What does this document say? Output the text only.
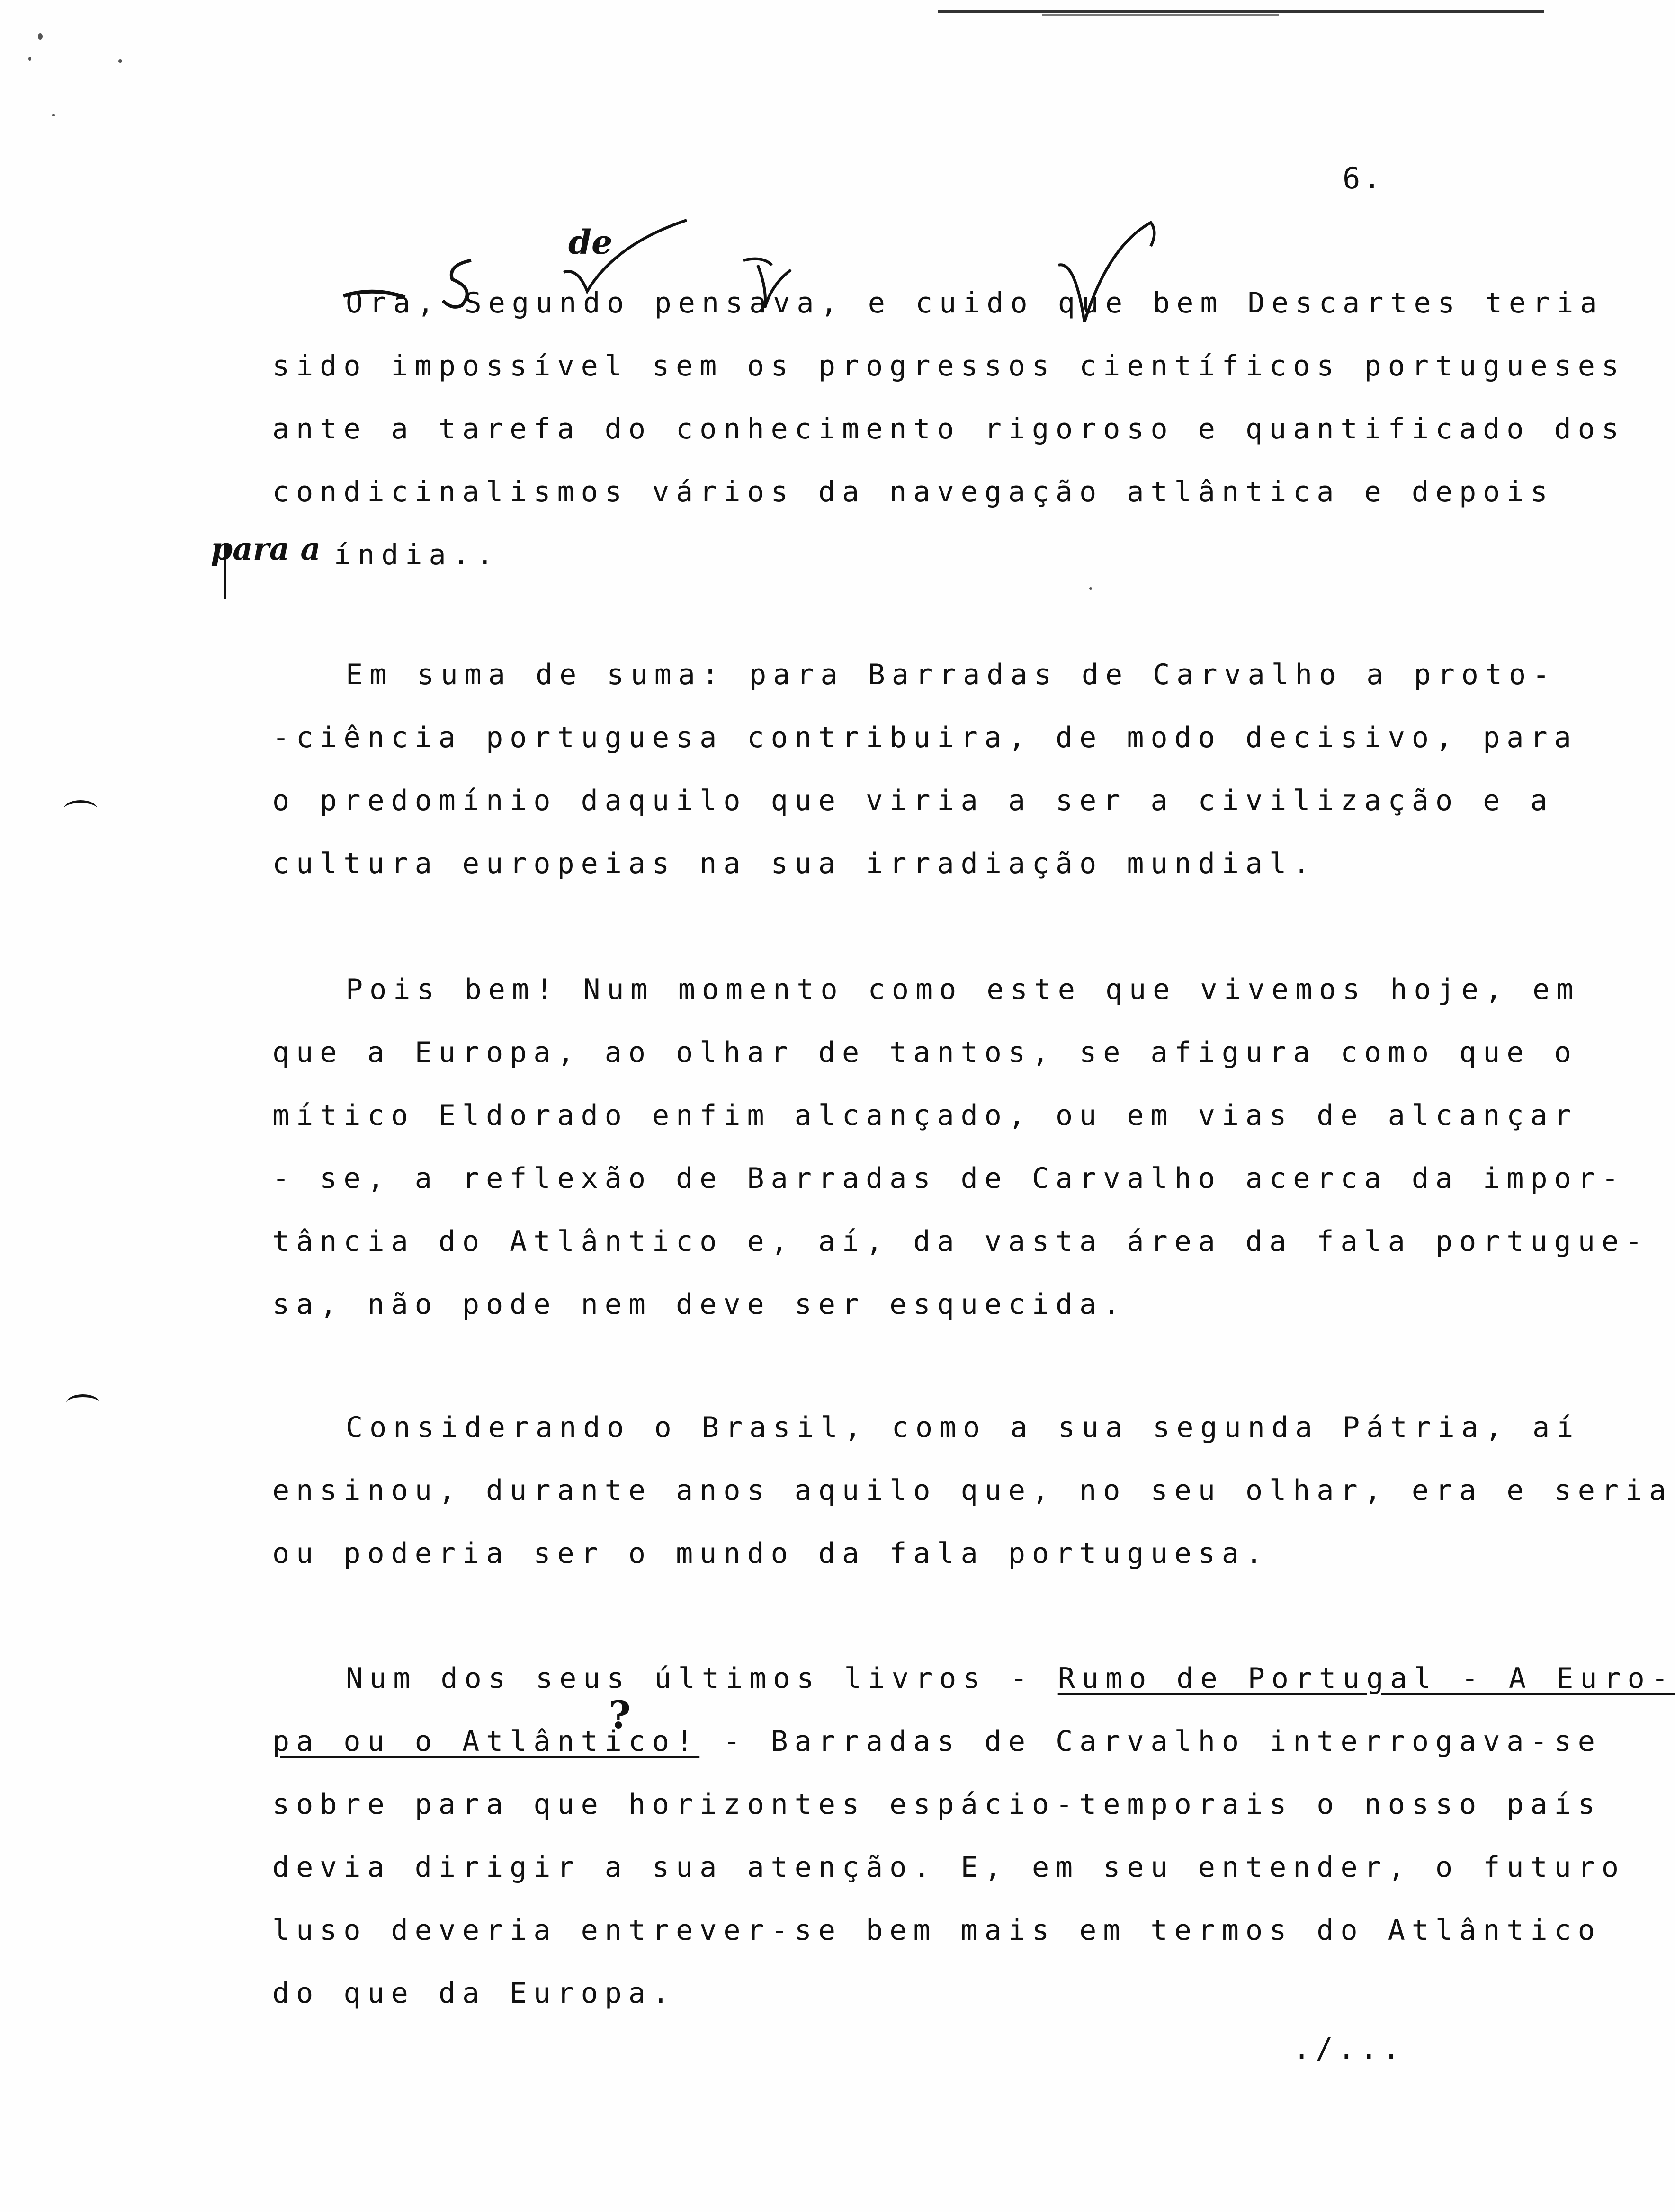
6.
de
para a
?
Ora, Segundo pensava, e cuido que bem Descartes teria
sido impossível sem os progressos científicos portugueses
ante a tarefa do conhecimento rigoroso e quantificado dos
condicinalismos vários da navegação atlântica e depois
índia..
Em suma de suma: para Barradas de Carvalho a proto-
-ciência portuguesa contribuira, de modo decisivo, para
o predomínio daquilo que viria a ser a civilização e a
cultura europeias na sua irradiação mundial.
Pois bem! Num momento como este que vivemos hoje, em
que a Europa, ao olhar de tantos, se afigura como que o
mítico Eldorado enfim alcançado, ou em vias de alcançar
- se, a reflexão de Barradas de Carvalho acerca da impor-
tância do Atlântico e, aí, da vasta área da fala portugue-
sa, não pode nem deve ser esquecida.
Considerando o Brasil, como a sua segunda Pátria, aí
ensinou, durante anos aquilo que, no seu olhar, era e seria
ou poderia ser o mundo da fala portuguesa.
Num dos seus últimos livros - Rumo de Portugal - A Euro-
pa ou o Atlântico! - Barradas de Carvalho interrogava-se
sobre para que horizontes espácio-temporais o nosso país
devia dirigir a sua atenção. E, em seu entender, o futuro
luso deveria entrever-se bem mais em termos do Atlântico
do que da Europa.
./...
